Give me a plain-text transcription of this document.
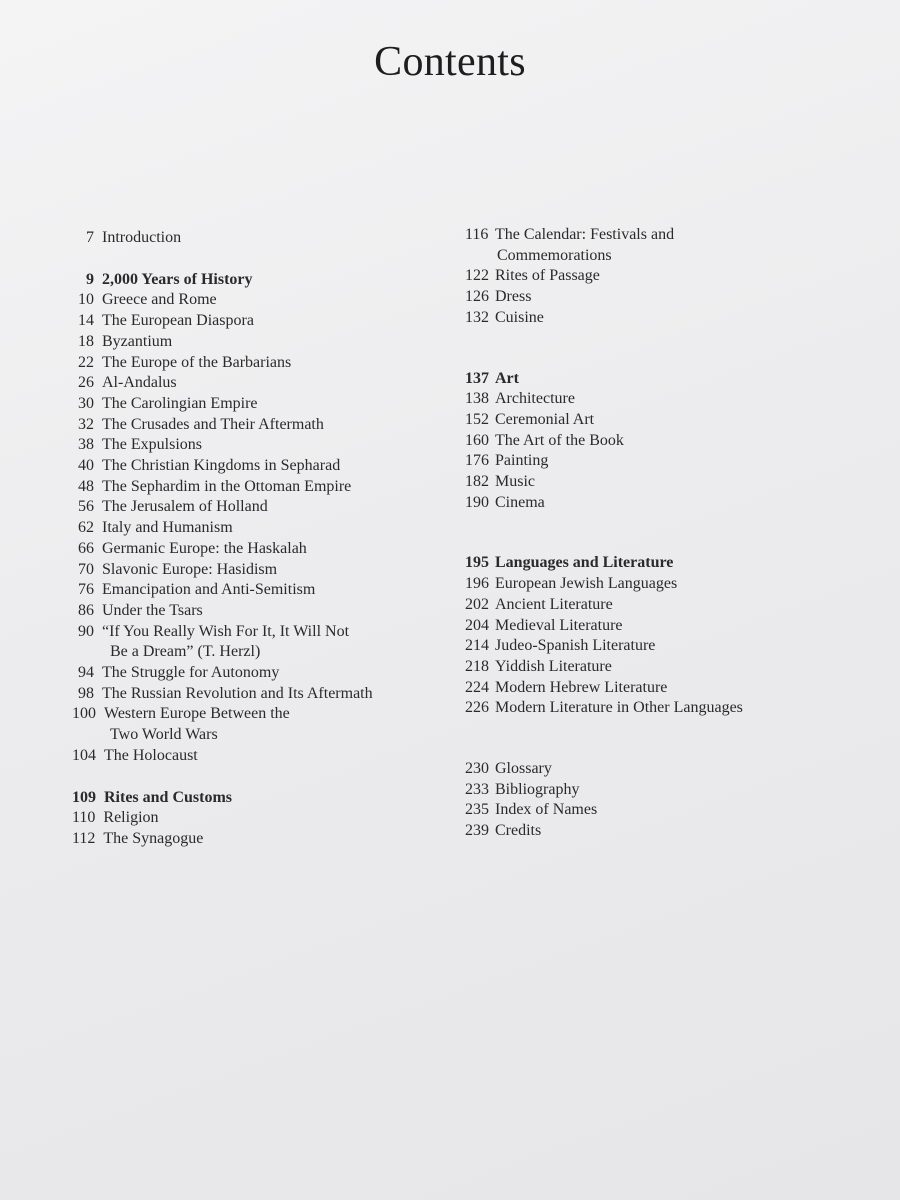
Contents
7 Introduction
9 2,000 Years of History
10 Greece and Rome
14 The European Diaspora
18 Byzantium
22 The Europe of the Barbarians
26 Al-Andalus
30 The Carolingian Empire
32 The Crusades and Their Aftermath
38 The Expulsions
40 The Christian Kingdoms in Sepharad
48 The Sephardim in the Ottoman Empire
56 The Jerusalem of Holland
62 Italy and Humanism
66 Germanic Europe: the Haskalah
70 Slavonic Europe: Hasidism
76 Emancipation and Anti-Semitism
86 Under the Tsars
90 “If You Really Wish For It, It Will Not
Be a Dream” (T. Herzl)
94 The Struggle for Autonomy
98 The Russian Revolution and Its Aftermath
100 Western Europe Between the
Two World Wars
104 The Holocaust
109 Rites and Customs
110 Religion
112 The Synagogue
116 The Calendar: Festivals and
Commemorations
122 Rites of Passage
126 Dress
132 Cuisine
137 Art
138 Architecture
152 Ceremonial Art
160 The Art of the Book
176 Painting
182 Music
190 Cinema
195 Languages and Literature
196 European Jewish Languages
202 Ancient Literature
204 Medieval Literature
214 Judeo-Spanish Literature
218 Yiddish Literature
224 Modern Hebrew Literature
226 Modern Literature in Other Languages
230 Glossary
233 Bibliography
235 Index of Names
239 Credits
